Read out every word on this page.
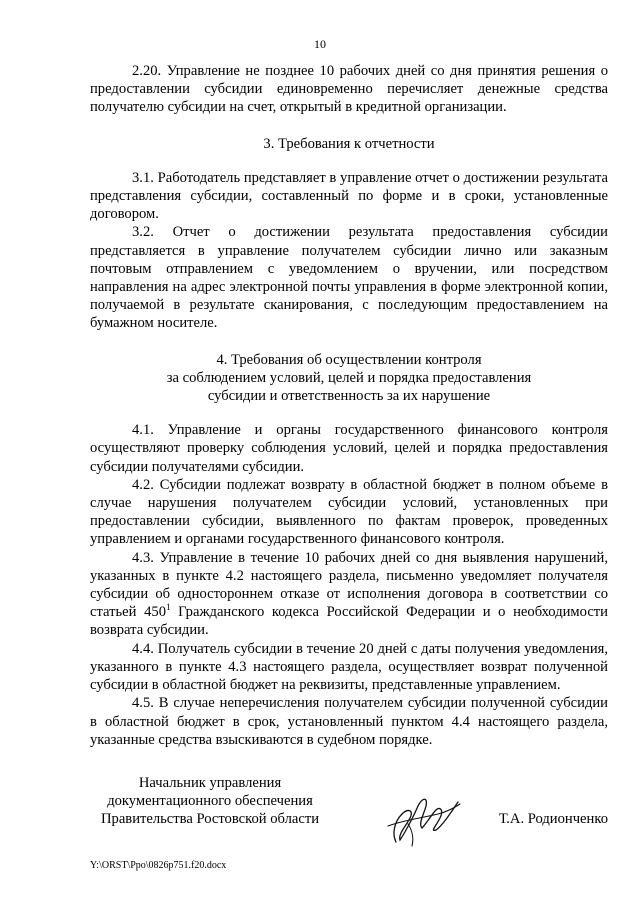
10

2.20. Управление не позднее 10 рабочих дней со дня принятия решения о предоставлении субсидии единовременно перечисляет денежные средства получателю субсидии на счет, открытый в кредитной организации.

3. Требования к отчетности

3.1. Работодатель представляет в управление отчет о достижении результата представления субсидии, составленный по форме и в сроки, установленные договором.

3.2. Отчет о достижении результата предоставления субсидии представляется в управление получателем субсидии лично или заказным почтовым отправлением с уведомлением о вручении, или посредством направления на адрес электронной почты управления в форме электронной копии, получаемой в результате сканирования, с последующим предоставлением на бумажном носителе.

4. Требования об осуществлении контроля

за соблюдением условий, целей и порядка предоставления

субсидии и ответственность за их нарушение

4.1. Управление и органы государственного финансового контроля осуществляют проверку соблюдения условий, целей и порядка предоставления субсидии получателями субсидии.

4.2. Субсидии подлежат возврату в областной бюджет в полном объеме в случае нарушения получателем субсидии условий, установленных при предоставлении субсидии, выявленного по фактам проверок, проведенных управлением и органами государственного финансового контроля.

4.3. Управление в течение 10 рабочих дней со дня выявления нарушений, указанных в пункте 4.2 настоящего раздела, письменно уведомляет получателя субсидии об одностороннем отказе от исполнения договора в соответствии со статьей $450^1$ Гражданского кодекса Российской Федерации и о необходимости возврата субсидии.

4.4. Получатель субсидии в течение 20 дней с даты получения уведомления, указанного в пункте 4.3 настоящего раздела, осуществляет возврат полученной субсидии в областной бюджет на реквизиты, представленные управлением.

4.5. В случае неперечисления получателем субсидии полученной субсидии в областной бюджет в срок, установленный пунктом 4.4 настоящего раздела, указанные средства взыскиваются в судебном порядке.

Начальник управления
документационного обеспечения
Правительства Ростовской области	Т.А. Родионченко
Y:\ORST\Ppo\0826p751.f20.docx
